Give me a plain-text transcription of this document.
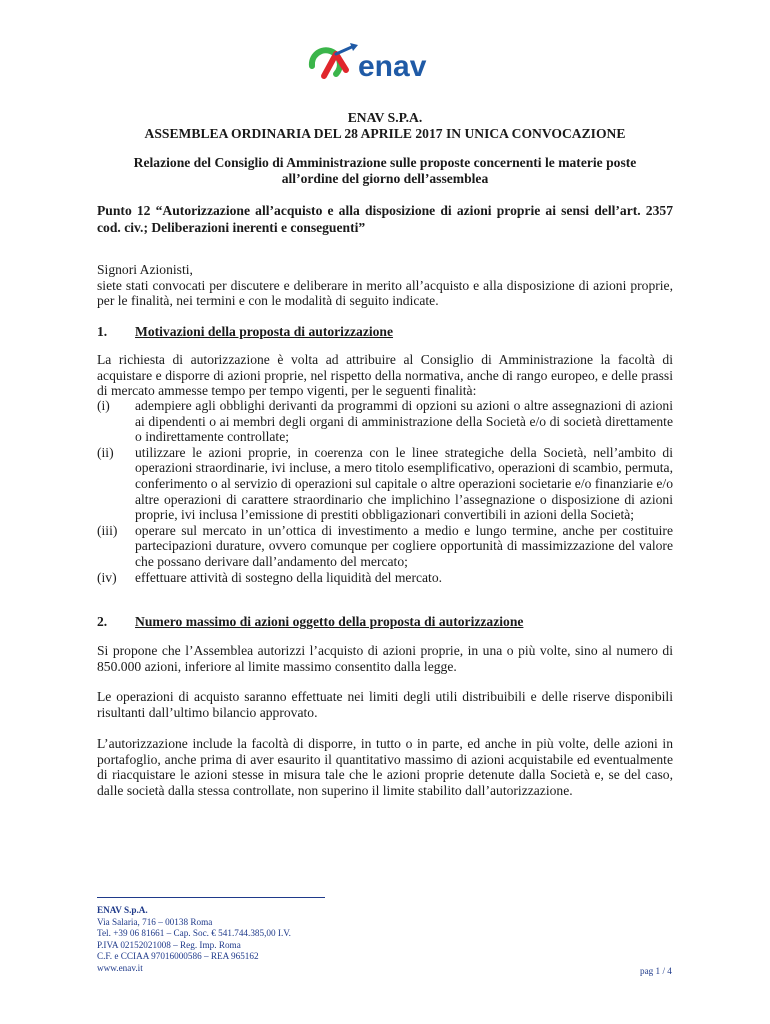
enav
ENAV S.P.A.
ASSEMBLEA ORDINARIA DEL 28 APRILE 2017 IN UNICA CONVOCAZIONE
Relazione del Consiglio di Amministrazione sulle proposte concernenti le materie poste
all’ordine del giorno dell’assemblea
Punto 12 “Autorizzazione all’acquisto e alla disposizione di azioni proprie ai sensi dell’art. 2357 cod. civ.; Deliberazioni inerenti e conseguenti”
Signori Azionisti,
siete stati convocati per discutere e deliberare in merito all’acquisto e alla disposizione di azioni proprie, per le finalità, nei termini e con le modalità di seguito indicate.
1. Motivazioni della proposta di autorizzazione
La richiesta di autorizzazione è volta ad attribuire al Consiglio di Amministrazione la facoltà di acquistare e disporre di azioni proprie, nel rispetto della normativa, anche di rango europeo, e delle prassi di mercato ammesse tempo per tempo vigenti, per le seguenti finalità:
(i)	adempiere agli obblighi derivanti da programmi di opzioni su azioni o altre assegnazioni di azioni ai dipendenti o ai membri degli organi di amministrazione della Società e/o di società direttamente o indirettamente controllate;
(ii)	utilizzare le azioni proprie, in coerenza con le linee strategiche della Società, nell’ambito di operazioni straordinarie, ivi incluse, a mero titolo esemplificativo, operazioni di scambio, permuta, conferimento o al servizio di operazioni sul capitale o altre operazioni societarie e/o finanziarie e/o altre operazioni di carattere straordinario che implichino l’assegnazione o disposizione di azioni proprie, ivi inclusa l’emissione di prestiti obbligazionari convertibili in azioni della Società;
(iii)	operare sul mercato in un’ottica di investimento a medio e lungo termine, anche per costituire partecipazioni durature, ovvero comunque per cogliere opportunità di massimizzazione del valore che possano derivare dall’andamento del mercato;
(iv)	effettuare attività di sostegno della liquidità del mercato.
2. Numero massimo di azioni oggetto della proposta di autorizzazione
Si propone che l’Assemblea autorizzi l’acquisto di azioni proprie, in una o più volte, sino al numero di 850.000 azioni, inferiore al limite massimo consentito dalla legge.
Le operazioni di acquisto saranno effettuate nei limiti degli utili distribuibili e delle riserve disponibili risultanti dall’ultimo bilancio approvato.
L’autorizzazione include la facoltà di disporre, in tutto o in parte, ed anche in più volte, delle azioni in portafoglio, anche prima di aver esaurito il quantitativo massimo di azioni acquistabile ed eventualmente di riacquistare le azioni stesse in misura tale che le azioni proprie detenute dalla Società e, se del caso, dalle società dalla stessa controllate, non superino il limite stabilito dall’autorizzazione.
ENAV S.p.A.
Via Salaria, 716 – 00138 Roma
Tel. +39 06 81661 – Cap. Soc. € 541.744.385,00 I.V.
P.IVA 02152021008 – Reg. Imp. Roma
C.F. e CCIAA 97016000586 – REA 965162
www.enav.it	pag 1 / 4
